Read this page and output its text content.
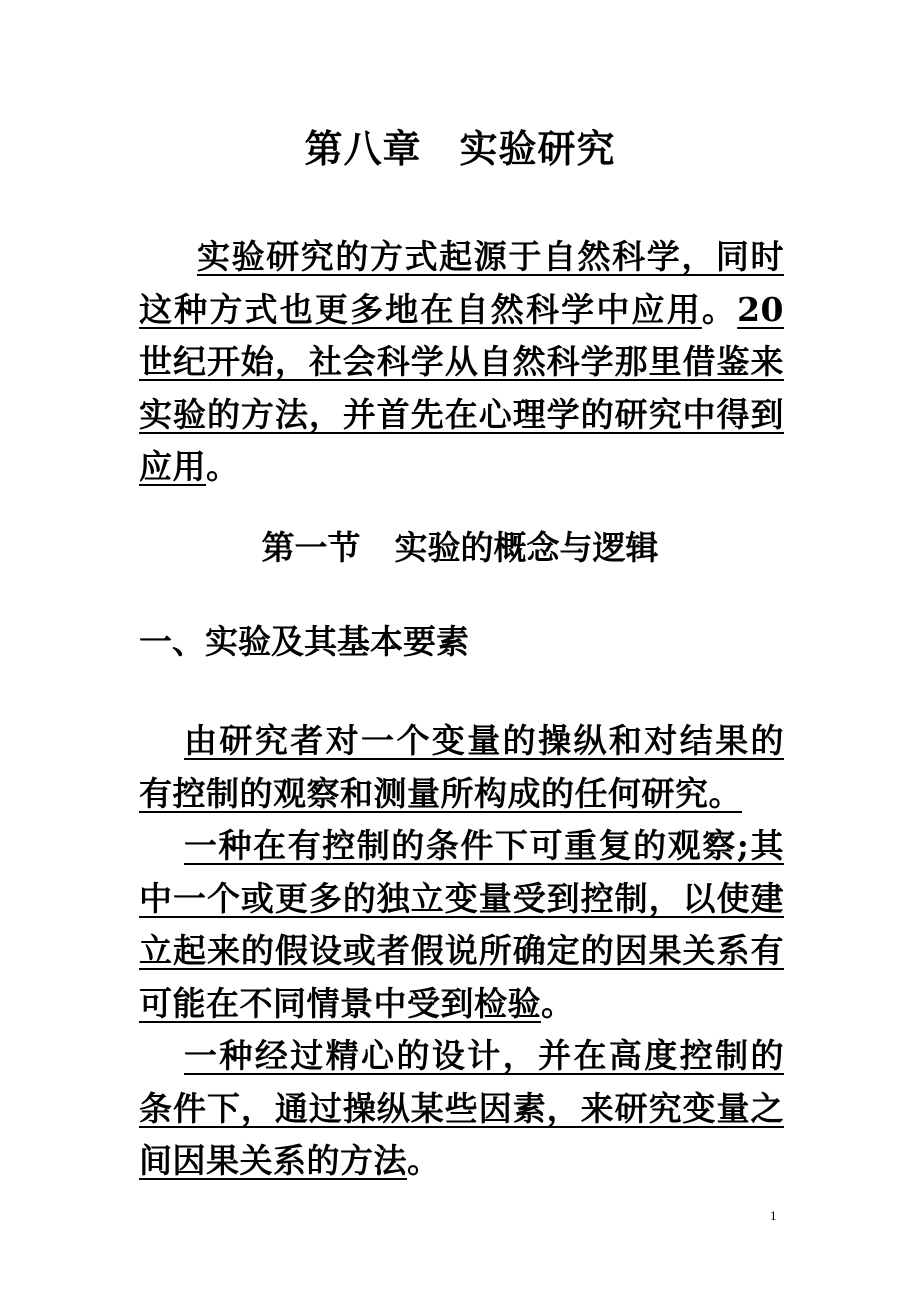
第八章 实验研究

实验研究的方式起源于自然科学，同时这种方式也更多地在自然科学中应用。20世纪开始，社会科学从自然科学那里借鉴来实验的方法，并首先在心理学的研究中得到应用。

第一节 实验的概念与逻辑
一、实验及其基本要素

由研究者对一个变量的操纵和对结果的有控制的观察和测量所构成的任何研究。

一种在有控制的条件下可重复的观察;其中一个或更多的独立变量受到控制，以使建立起来的假设或者假说所确定的因果关系有可能在不同情景中受到检验。

一种经过精心的设计，并在高度控制的条件下，通过操纵某些因素，来研究变量之间因果关系的方法。

1
